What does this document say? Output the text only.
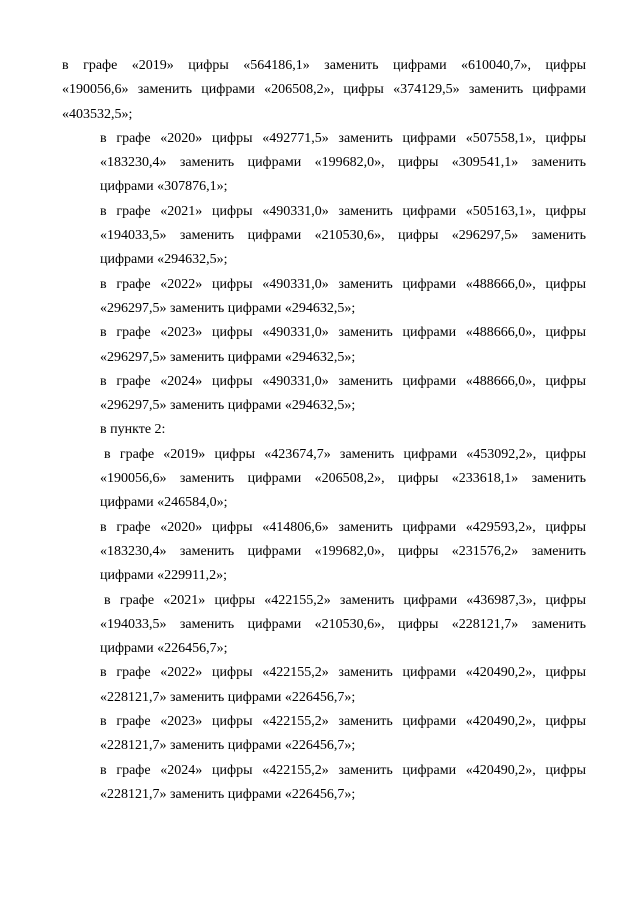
в графе «2019» цифры «564186,1» заменить цифрами «610040,7», цифры
«190056,6» заменить цифрами «206508,2», цифры «374129,5» заменить цифрами
«403532,5»;
в графе «2020» цифры «492771,5» заменить цифрами «507558,1», цифры
«183230,4» заменить цифрами «199682,0», цифры «309541,1» заменить
цифрами «307876,1»;
в графе «2021» цифры «490331,0» заменить цифрами «505163,1», цифры
«194033,5» заменить цифрами «210530,6», цифры «296297,5» заменить
цифрами «294632,5»;
в графе «2022» цифры «490331,0» заменить цифрами «488666,0», цифры
«296297,5» заменить цифрами «294632,5»;
в графе «2023» цифры «490331,0» заменить цифрами «488666,0», цифры
«296297,5» заменить цифрами «294632,5»;
в графе «2024» цифры «490331,0» заменить цифрами «488666,0», цифры
«296297,5» заменить цифрами «294632,5»;
в пункте 2:
в графе «2019» цифры «423674,7» заменить цифрами «453092,2», цифры
«190056,6» заменить цифрами «206508,2», цифры «233618,1» заменить
цифрами «246584,0»;
в графе «2020» цифры «414806,6» заменить цифрами «429593,2», цифры
«183230,4» заменить цифрами «199682,0», цифры «231576,2» заменить
цифрами «229911,2»;
в графе «2021» цифры «422155,2» заменить цифрами «436987,3», цифры
«194033,5» заменить цифрами «210530,6», цифры «228121,7» заменить
цифрами «226456,7»;
в графе «2022» цифры «422155,2» заменить цифрами «420490,2», цифры
«228121,7» заменить цифрами «226456,7»;
в графе «2023» цифры «422155,2» заменить цифрами «420490,2», цифры
«228121,7» заменить цифрами «226456,7»;
в графе «2024» цифры «422155,2» заменить цифрами «420490,2», цифры
«228121,7» заменить цифрами «226456,7»;
